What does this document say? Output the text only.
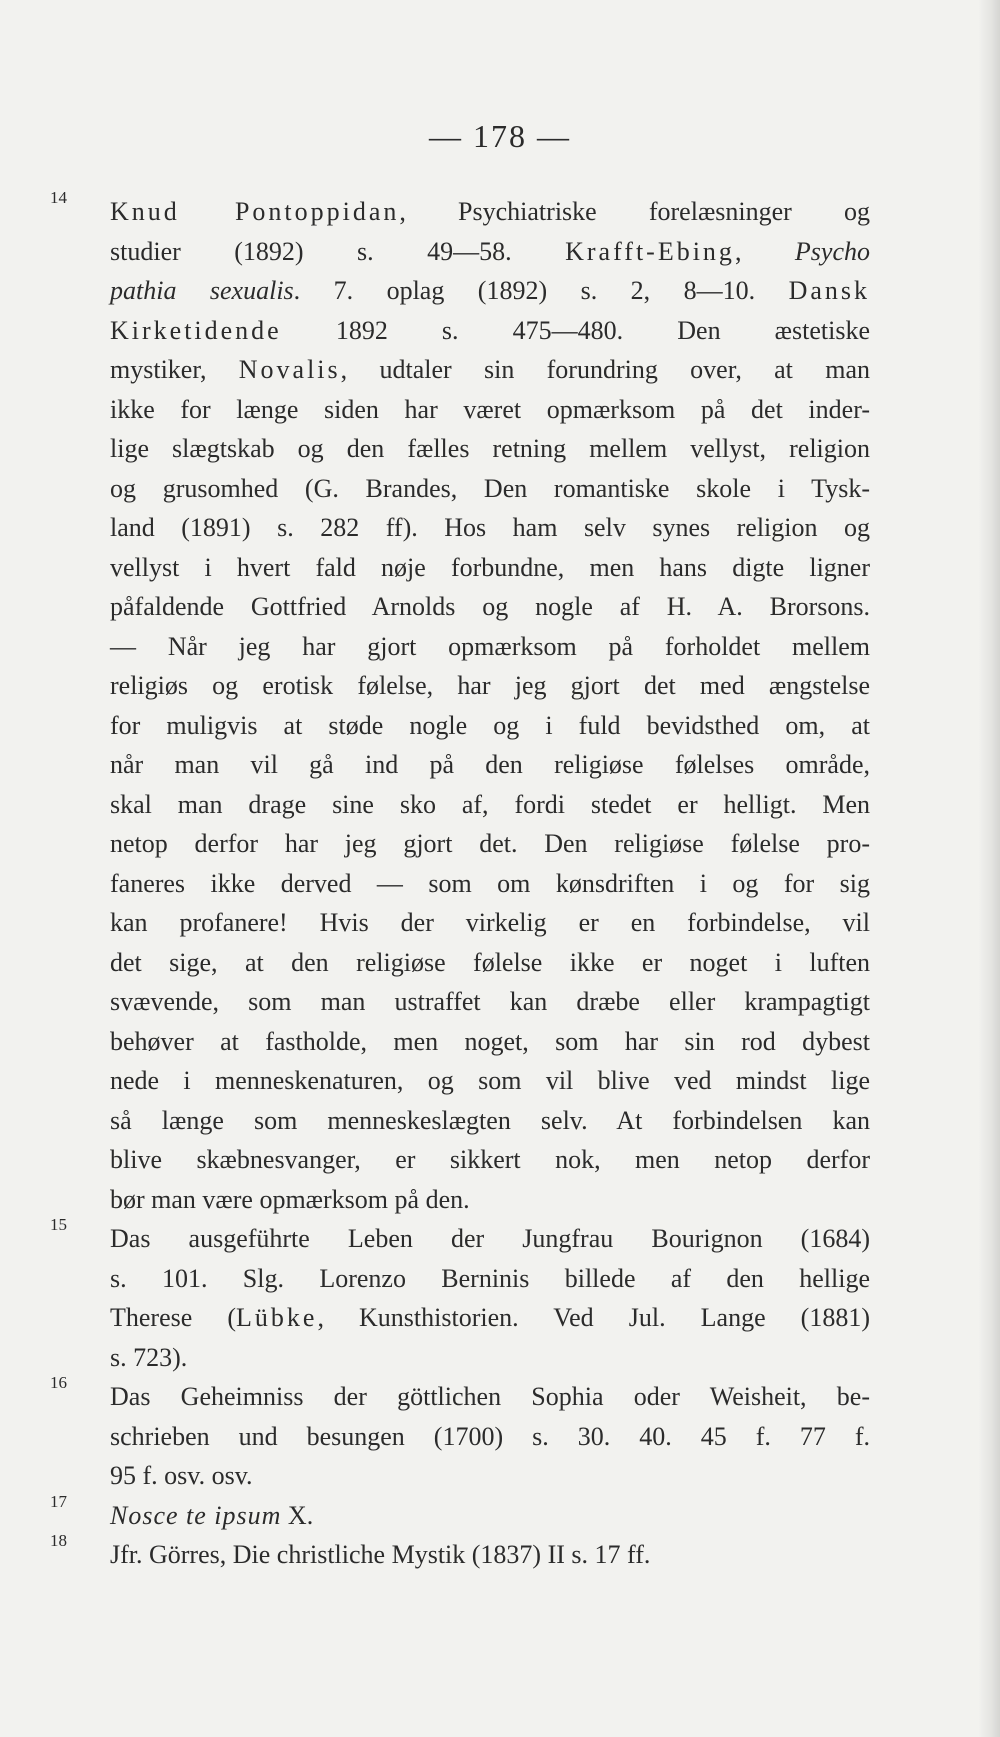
— 178 —
14 Knud Pontoppidan, Psychiatriske forelæsninger og
studier (1892) s. 49—58. Krafft-Ebing, Psycho
pathia sexualis. 7. oplag (1892) s. 2, 8—10. Dansk
Kirketidende 1892 s. 475—480. Den æstetiske
mystiker, Novalis, udtaler sin forundring over, at man
ikke for længe siden har været opmærksom på det inder-
lige slægtskab og den fælles retning mellem vellyst, religion
og grusomhed (G. Brandes, Den romantiske skole i Tysk-
land (1891) s. 282 ff). Hos ham selv synes religion og
vellyst i hvert fald nøje forbundne, men hans digte ligner
påfaldende Gottfried Arnolds og nogle af H. A. Brorsons.
— Når jeg har gjort opmærksom på forholdet mellem
religiøs og erotisk følelse, har jeg gjort det med ængstelse
for muligvis at støde nogle og i fuld bevidsthed om, at
når man vil gå ind på den religiøse følelses område,
skal man drage sine sko af, fordi stedet er helligt. Men
netop derfor har jeg gjort det. Den religiøse følelse pro-
faneres ikke derved — som om kønsdriften i og for sig
kan profanere! Hvis der virkelig er en forbindelse, vil
det sige, at den religiøse følelse ikke er noget i luften
svævende, som man ustraffet kan dræbe eller krampagtigt
behøver at fastholde, men noget, som har sin rod dybest
nede i menneskenaturen, og som vil blive ved mindst lige
så længe som menneskeslægten selv. At forbindelsen kan
blive skæbnesvanger, er sikkert nok, men netop derfor
bør man være opmærksom på den.
15 Das ausgeführte Leben der Jungfrau Bourignon (1684)
s. 101. Slg. Lorenzo Berninis billede af den hellige
Therese (Lübke, Kunsthistorien. Ved Jul. Lange (1881)
s. 723).
16 Das Geheimniss der göttlichen Sophia oder Weisheit, be-
schrieben und besungen (1700) s. 30. 40. 45 f. 77 f.
95 f. osv. osv.
17 Nosce te ipsum X.
18 Jfr. Görres, Die christliche Mystik (1837) II s. 17 ff.
